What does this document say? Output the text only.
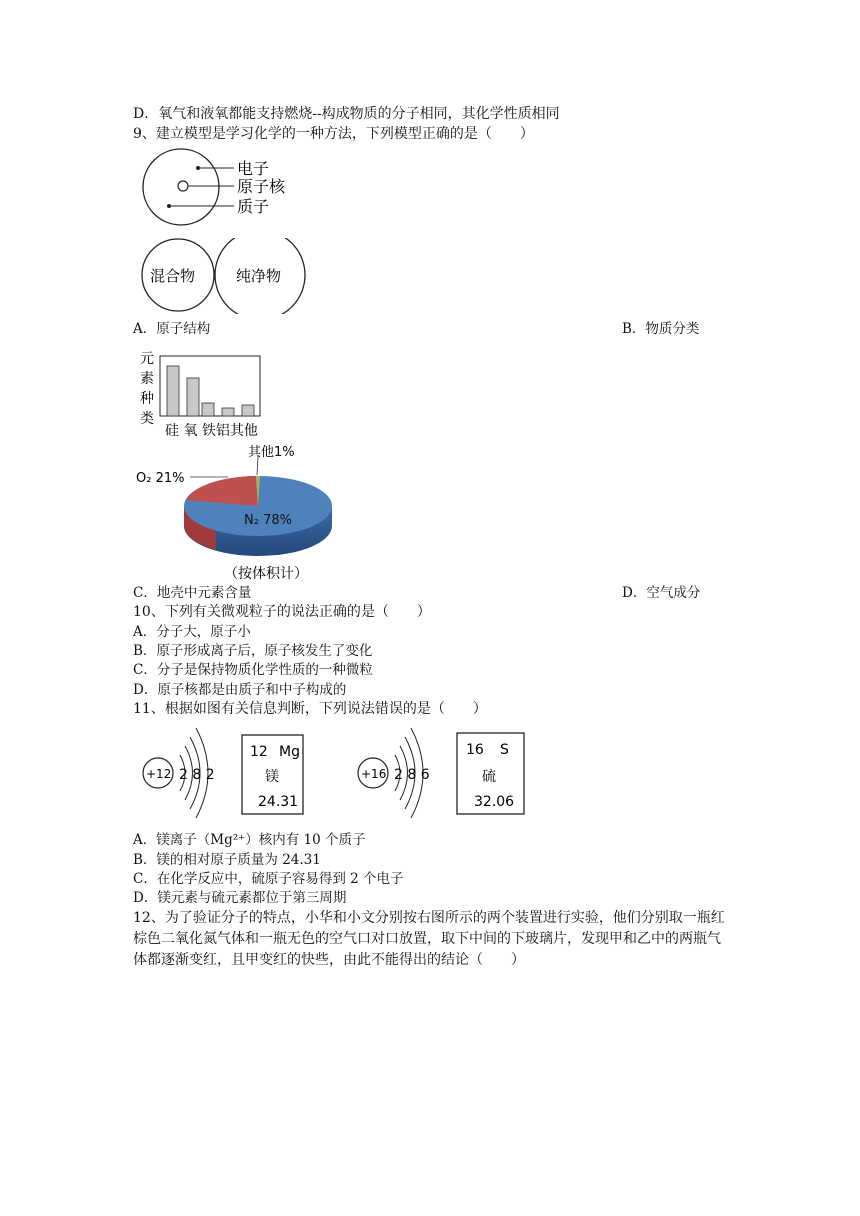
D．氧气和液氧都能支持燃烧--构成物质的分子相同，其化学性质相同
9、建立模型是学习化学的一种方法，下列模型正确的是（　　）
电子
原子核
质子
混合物	纯净物
A．原子结构	B．物质分类
元
素
种
类
硅 氧 铁铝其他
其他1%
O₂ 21%
N₂ 78%
（按体积计）
C．地壳中元素含量	D．空气成分
10、下列有关微观粒子的说法正确的是（　　）
A．分子大，原子小
B．原子形成离子后，原子核发生了变化
C．分子是保持物质化学性质的一种微粒
D．原子核都是由质子和中子构成的
11、根据如图有关信息判断，下列说法错误的是（　　）
+12 2 8 2
12 Mg
镁
24.31
+16 2 8 6
16 S
硫
32.06
A．镁离子（Mg²⁺）核内有 10 个质子
B．镁的相对原子质量为 24.31
C．在化学反应中，硫原子容易得到 2 个电子
D．镁元素与硫元素都位于第三周期
12、为了验证分子的特点，小华和小文分别按右图所示的两个装置进行实验，他们分别取一瓶红棕色二氧化氮气体和一瓶无色的空气口对口放置，取下中间的下玻璃片，发现甲和乙中的两瓶气体都逐渐变红，且甲变红的快些，由此不能得出的结论（　　）
